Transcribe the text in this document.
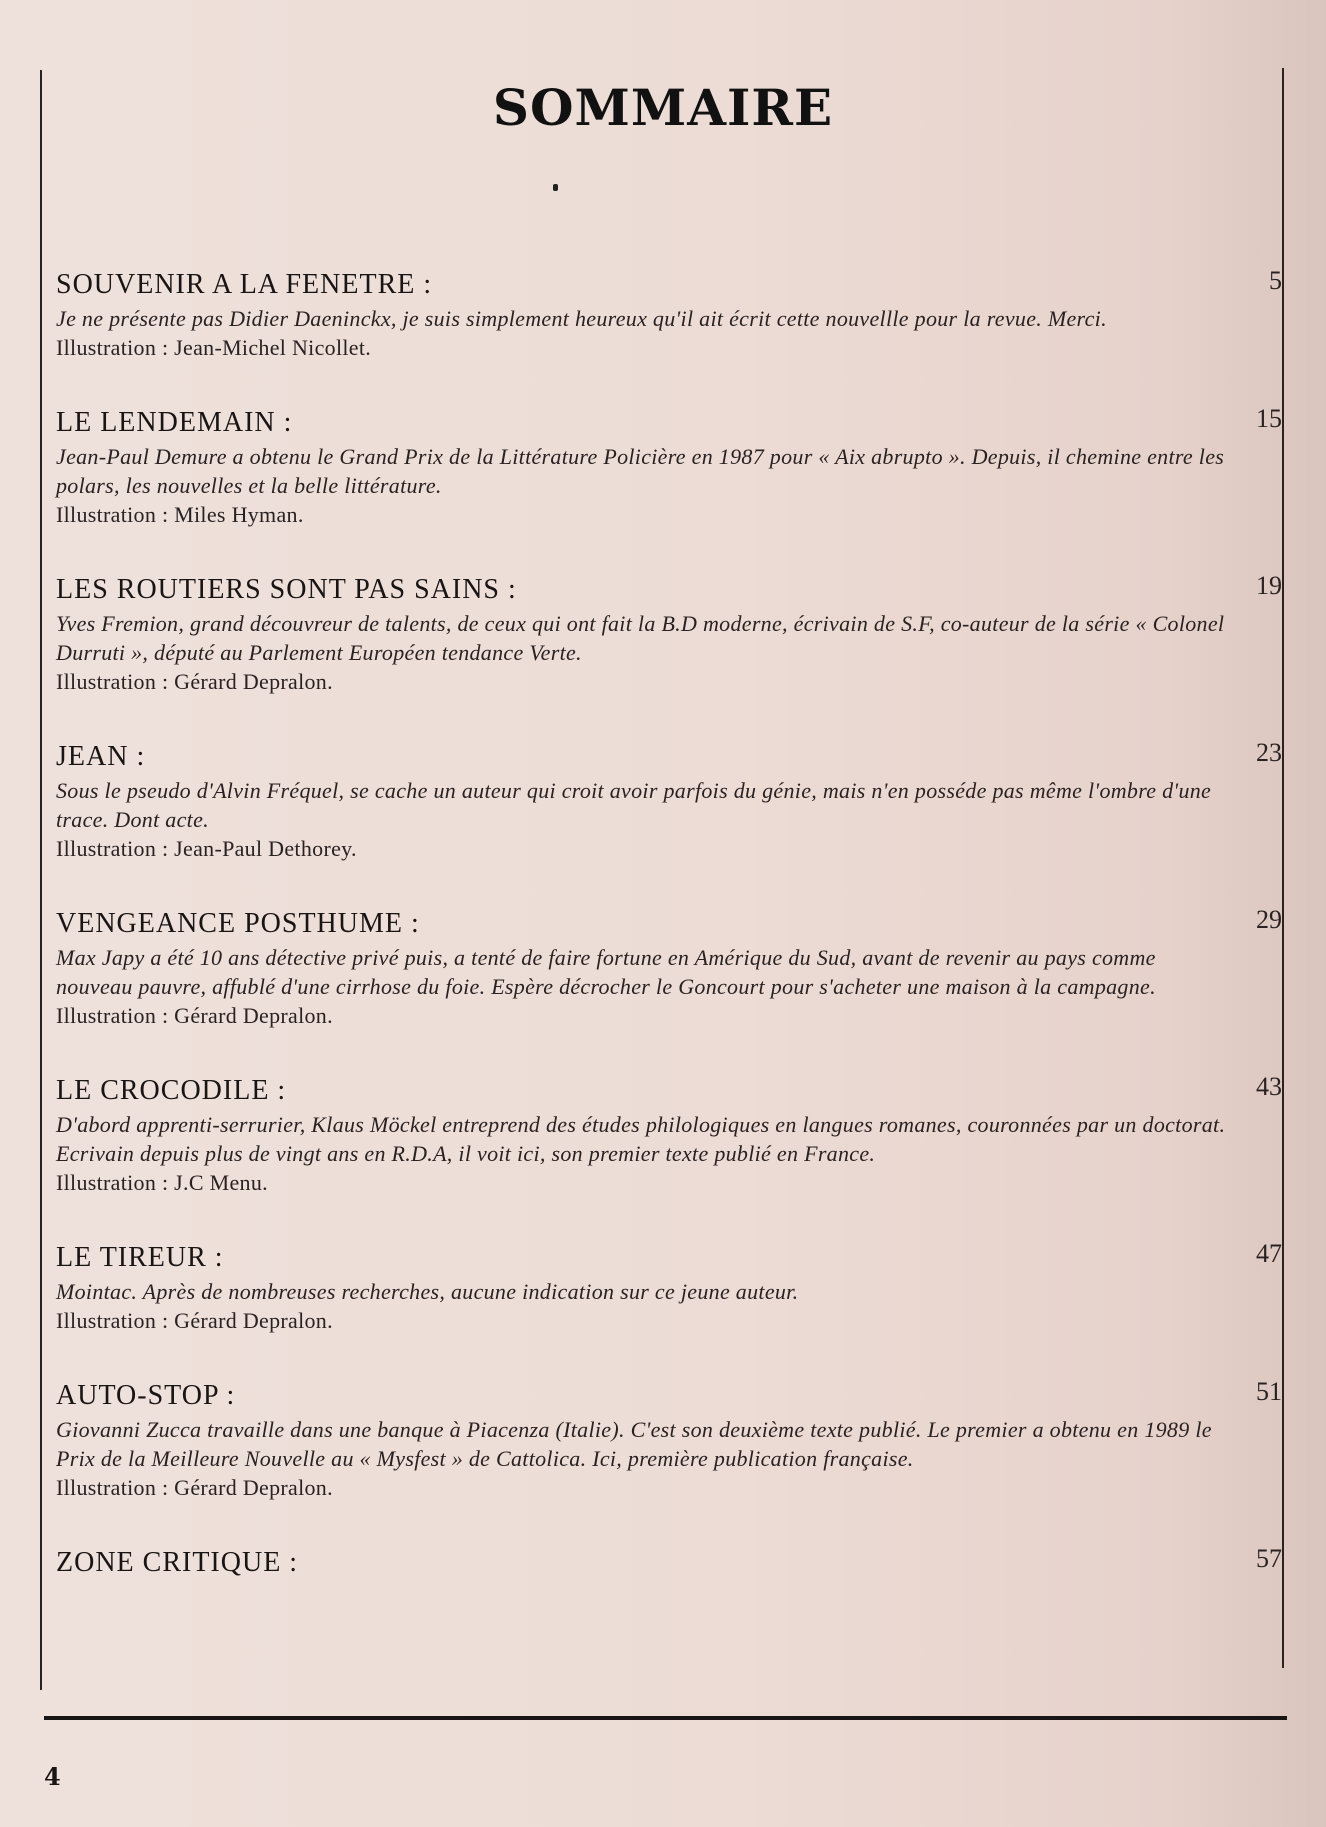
SOMMAIRE
SOUVENIR A LA FENETRE :	5
Je ne présente pas Didier Daeninckx, je suis simplement heureux qu'il ait écrit cette nouvellle pour la revue. Merci.
Illustration : Jean-Michel Nicollet.
LE LENDEMAIN :	15
Jean-Paul Demure a obtenu le Grand Prix de la Littérature Policière en 1987 pour « Aix abrupto ». Depuis, il chemine entre les polars, les nouvelles et la belle littérature.
Illustration : Miles Hyman.
LES ROUTIERS SONT PAS SAINS :	19
Yves Fremion, grand découvreur de talents, de ceux qui ont fait la B.D moderne, écrivain de S.F, co-auteur de la série « Colonel Durruti », député au Parlement Européen tendance Verte.
Illustration : Gérard Depralon.
JEAN :	23
Sous le pseudo d'Alvin Fréquel, se cache un auteur qui croit avoir parfois du génie, mais n'en posséde pas même l'ombre d'une trace. Dont acte.
Illustration : Jean-Paul Dethorey.
VENGEANCE POSTHUME :	29
Max Japy a été 10 ans détective privé puis, a tenté de faire fortune en Amérique du Sud, avant de revenir au pays comme nouveau pauvre, affublé d'une cirrhose du foie. Espère décrocher le Goncourt pour s'acheter une maison à la campagne.
Illustration : Gérard Depralon.
LE CROCODILE :	43
D'abord apprenti-serrurier, Klaus Möckel entreprend des études philologiques en langues romanes, couronnées par un doctorat. Ecrivain depuis plus de vingt ans en R.D.A, il voit ici, son premier texte publié en France.
Illustration : J.C Menu.
LE TIREUR :	47
Mointac. Après de nombreuses recherches, aucune indication sur ce jeune auteur.
Illustration : Gérard Depralon.
AUTO-STOP :	51
Giovanni Zucca travaille dans une banque à Piacenza (Italie). C'est son deuxième texte publié. Le premier a obtenu en 1989 le Prix de la Meilleure Nouvelle au « Mysfest » de Cattolica. Ici, première publication française.
Illustration : Gérard Depralon.
ZONE CRITIQUE :	57
4
